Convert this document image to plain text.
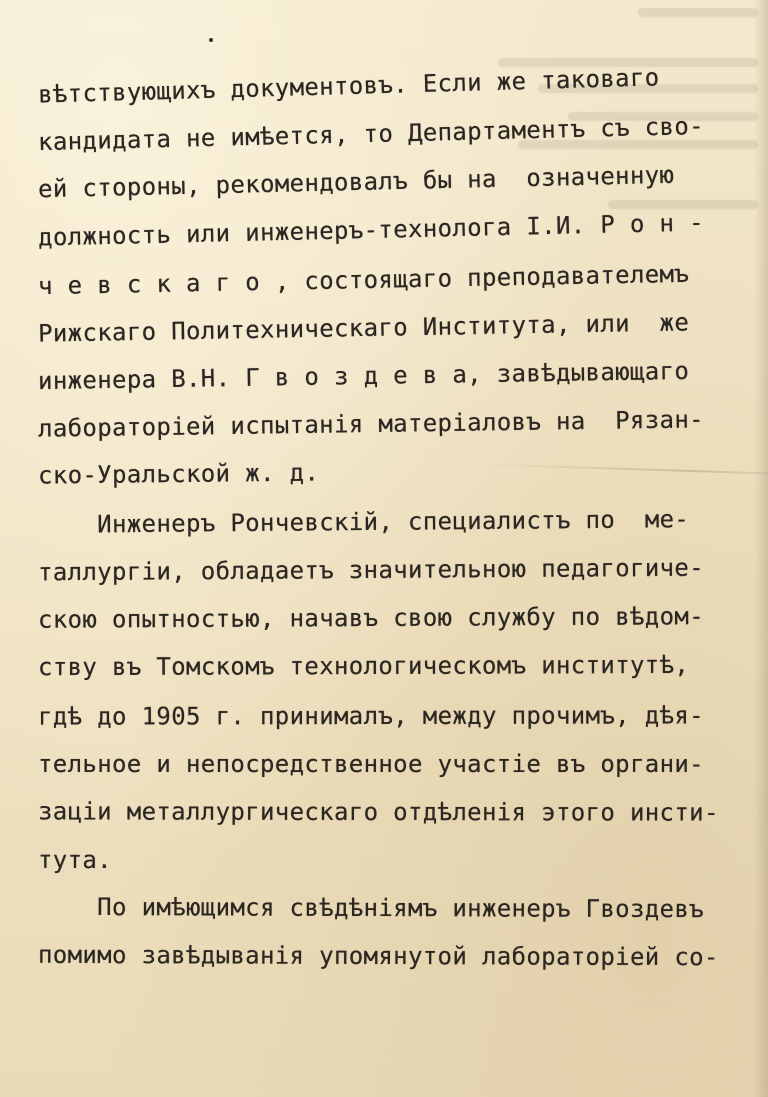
вѣтствующихъ документовъ. Если же таковаго
кандидата не имѣется, то Департаментъ съ сво-
ей стороны, рекомендовалъ бы на  означенную
должность или инженеръ-технолога I.И. Р о н -
ч е в с к а г о , состоящаго преподавателемъ
Рижскаго Политехническаго Института, или  же
инженера В.Н. Г в о з д е в а, завѣдывающаго
лабораторiей испытанiя матерiаловъ на  Рязан-
ско-Уральской ж. д.
Инженеръ Рончевскiй, специалистъ по  ме-
таллургiи, обладаетъ значительною педагогиче-
скою опытностью, начавъ свою службу по вѣдом-
ству въ Томскомъ технологическомъ институтѣ,
гдѣ до 1905 г. принималъ, между прочимъ, дѣя-
тельное и непосредственное участiе въ органи-
зацiи металлургическаго отдѣленiя этого инсти-
тута.
По имѣющимся свѣдѣнiямъ инженеръ Гвоздевъ
помимо завѣдыванiя упомянутой лабораторiей со-
